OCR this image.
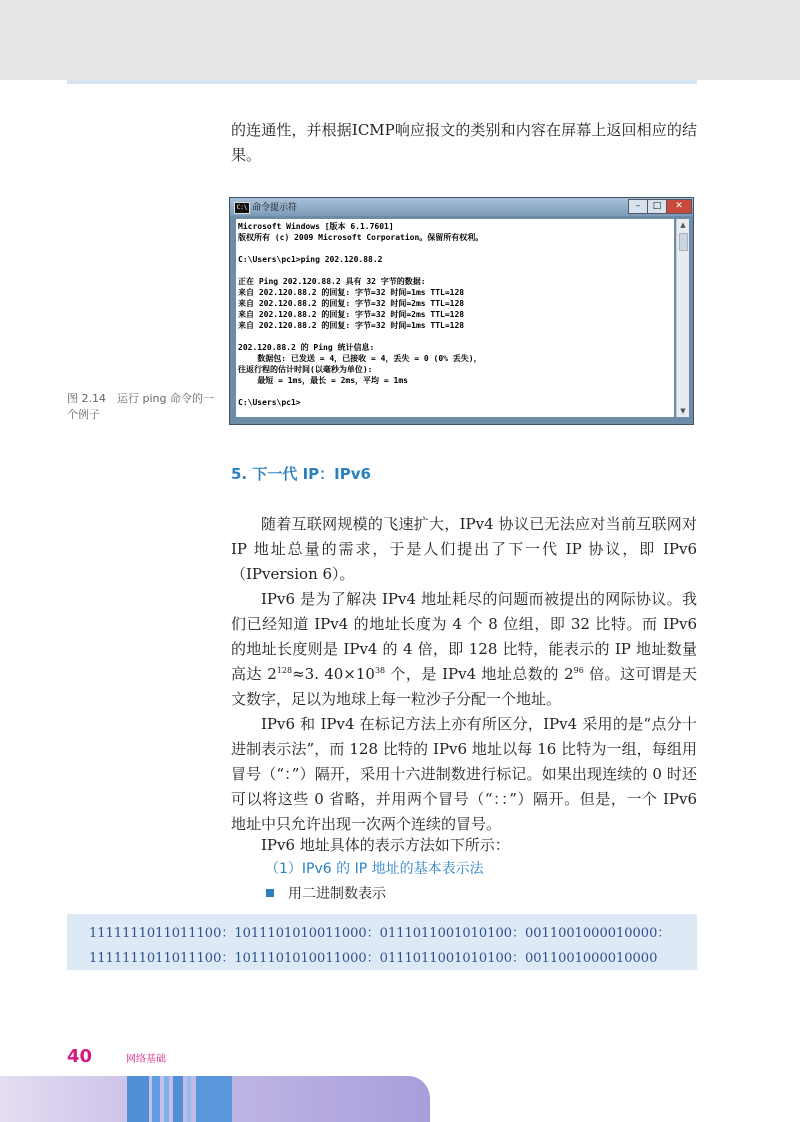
的连通性，并根据ICMP响应报文的类别和内容在屏幕上返回相应的结果。

图 2.14　运行 ping 命令的一个例子
C:\ 命令提示符	–	□	✕
Microsoft Windows [版本 6.1.7601]
版权所有 (c) 2009 Microsoft Corporation。保留所有权利。
C:\Users\pc1>ping 202.120.88.2
正在 Ping 202.120.88.2 具有 32 字节的数据:
来自 202.120.88.2 的回复: 字节=32 时间=1ms TTL=128
来自 202.120.88.2 的回复: 字节=32 时间=2ms TTL=128
来自 202.120.88.2 的回复: 字节=32 时间=2ms TTL=128
来自 202.120.88.2 的回复: 字节=32 时间=1ms TTL=128
202.120.88.2 的 Ping 统计信息:
数据包: 已发送 = 4，已接收 = 4，丢失 = 0 (0% 丢失)，
往返行程的估计时间(以毫秒为单位):
最短 = 1ms，最长 = 2ms，平均 = 1ms
C:\Users\pc1>
▲
▼
5. 下一代 IP：IPv6

随着互联网规模的飞速扩大，IPv4 协议已无法应对当前互联网对 IP 地址总量的需求，于是人们提出了下一代 IP 协议，即 IPv6（IPversion 6）。

IPv6 是为了解决 IPv4 地址耗尽的问题而被提出的网际协议。我们已经知道 IPv4 的地址长度为 4 个 8 位组，即 32 比特。而 IPv6 的地址长度则是 IPv4 的 4 倍，即 128 比特，能表示的 IP 地址数量高达 $2^{128}\approx 3$. $40\times 10^{38}$ 个，是 IPv4 地址总数的 $2^{96}$ 倍。这可谓是天文数字，足以为地球上每一粒沙子分配一个地址。

IPv6 和 IPv4 在标记方法上亦有所区分，IPv4 采用的是“点分十进制表示法”，而 128 比特的 IPv6 地址以每 16 比特为一组，每组用冒号（“：”）隔开，采用十六进制数进行标记。如果出现连续的 0 时还可以将这些 0 省略，并用两个冒号（“：：”）隔开。但是，一个 IPv6 地址中只允许出现一次两个连续的冒号。

IPv6 地址具体的表示方法如下所示：

（1）IPv6 的 IP 地址的基本表示法
用二进制数表示
1111111011011100：1011101010011000：0111011001010100：0011001000010000：
1111111011011100：1011101010011000：0111011001010100：0011001000010000
40	网络基础
